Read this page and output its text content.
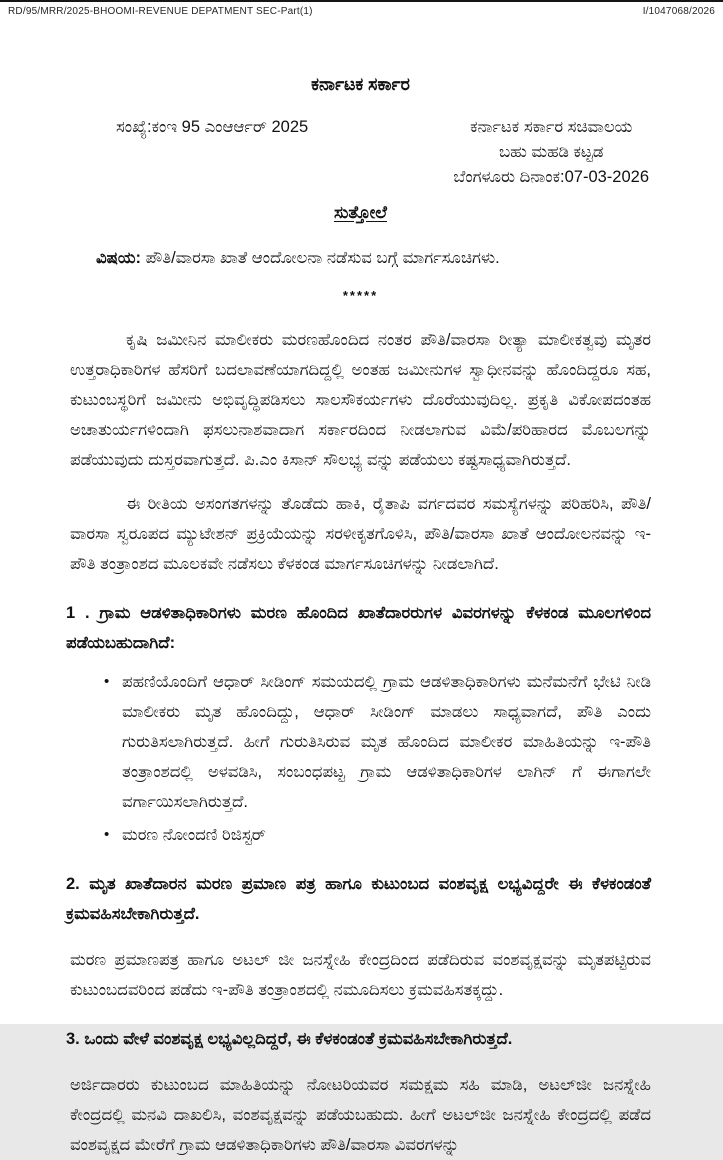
RD/95/MRR/2025-BHOOMI-REVENUE DEPATMENT SEC-Part(1)	I/1047068/2026
ಕರ್ನಾಟಕ ಸರ್ಕಾರ
ಸಂಖ್ಯೆ:ಕಂಇ 95 ಎಂಆರ್ಆರ್ 2025	ಕರ್ನಾಟಕ ಸರ್ಕಾರ ಸಚಿವಾಲಯ
ಬಹು ಮಹಡಿ ಕಟ್ಟಡ
ಬೆಂಗಳೂರು ದಿನಾಂಕ:07-03-2026
ಸುತ್ತೋಲೆ
ವಿಷಯ: ಪೌತಿ/ವಾರಸಾ ಖಾತೆ ಆಂದೋಲನಾ ನಡೆಸುವ ಬಗ್ಗೆ ಮಾರ್ಗಸೂಚಿಗಳು.
*****

ಕೃಷಿ ಜಮೀನಿನ ಮಾಲೀಕರು ಮರಣಹೊಂದಿದ ನಂತರ ಪೌತಿ/ವಾರಸಾ ರೀತ್ಯಾ ಮಾಲೀಕತ್ವವು ಮೃತರ ಉತ್ತರಾಧಿಕಾರಿಗಳ ಹೆಸರಿಗೆ ಬದಲಾವಣೆಯಾಗದಿದ್ದಲ್ಲಿ ಅಂತಹ ಜಮೀನುಗಳ ಸ್ವಾಧೀನವನ್ನು ಹೊಂದಿದ್ದರೂ ಸಹ, ಕುಟುಂಬಸ್ಥರಿಗೆ ಜಮೀನು ಅಭಿವೃದ್ಧಿಪಡಿಸಲು ಸಾಲಸೌಕರ್ಯಗಳು ದೊರೆಯುವುದಿಲ್ಲ. ಪ್ರಕೃತಿ ವಿಕೋಪದಂತಹ ಅಚಾತುರ್ಯಗಳಿಂದಾಗಿ ಫಸಲುನಾಶವಾದಾಗ ಸರ್ಕಾರದಿಂದ ನೀಡಲಾಗುವ ವಿಮೆ/ಪರಿಹಾರದ ಮೊಬಲಗನ್ನು ಪಡೆಯುವುದು ದುಸ್ತರವಾಗುತ್ತದೆ. ಪಿ.ಎಂ ಕಿಸಾನ್ ಸೌಲಭ್ಯ ವನ್ನು ಪಡೆಯಲು ಕಷ್ಟಸಾಧ್ಯವಾಗಿರುತ್ತದೆ.

ಈ ರೀತಿಯ ಅಸಂಗತಗಳನ್ನು ತೊಡೆದು ಹಾಕಿ, ರೈತಾಪಿ ವರ್ಗದವರ ಸಮಸ್ಯೆಗಳನ್ನು ಪರಿಹರಿಸಿ, ಪೌತಿ/ವಾರಸಾ ಸ್ವರೂಪದ ಮ್ಯುಟೇಶನ್ ಪ್ರಕ್ರಿಯೆಯನ್ನು ಸರಳೀಕೃತಗೊಳಿಸಿ, ಪೌತಿ/ವಾರಸಾ ಖಾತೆ ಆಂದೋಲನವನ್ನು ಇ-ಪೌತಿ ತಂತ್ರಾಂಶದ ಮೂಲಕವೇ ನಡೆಸಲು ಕೆಳಕಂಡ ಮಾರ್ಗಸೂಚಿಗಳನ್ನು ನೀಡಲಾಗಿದೆ.

1 . ಗ್ರಾಮ ಆಡಳಿತಾಧಿಕಾರಿಗಳು ಮರಣ ಹೊಂದಿದ ಖಾತೆದಾರರುಗಳ ವಿವರಗಳನ್ನು ಕೆಳಕಂಡ ಮೂಲಗಳಿಂದ ಪಡೆಯಬಹುದಾಗಿದೆ:

• ಪಹಣಿಯೊಂದಿಗೆ ಆಧಾರ್ ಸೀಡಿಂಗ್ ಸಮಯದಲ್ಲಿ ಗ್ರಾಮ ಆಡಳಿತಾಧಿಕಾರಿಗಳು ಮನೆಮನೆಗೆ ಭೇಟಿ ನೀಡಿ ಮಾಲೀಕರು ಮೃತ ಹೊಂದಿದ್ದು, ಆಧಾರ್ ಸೀಡಿಂಗ್ ಮಾಡಲು ಸಾಧ್ಯವಾಗದೆ, ಪೌತಿ ಎಂದು ಗುರುತಿಸಲಾಗಿರುತ್ತದೆ. ಹೀಗೆ ಗುರುತಿಸಿರುವ ಮೃತ ಹೊಂದಿದ ಮಾಲೀಕರ ಮಾಹಿತಿಯನ್ನು ಇ-ಪೌತಿ ತಂತ್ರಾಂಶದಲ್ಲಿ ಅಳವಡಿಸಿ, ಸಂಬಂಧಪಟ್ಟ ಗ್ರಾಮ ಆಡಳಿತಾಧಿಕಾರಿಗಳ ಲಾಗಿನ್ ಗೆ ಈಗಾಗಲೇ ವರ್ಗಾಯಿಸಲಾಗಿರುತ್ತದೆ.
• ಮರಣ ನೋಂದಣಿ ರಿಜಿಸ್ಟರ್

2. ಮೃತ ಖಾತೆದಾರನ ಮರಣ ಪ್ರಮಾಣ ಪತ್ರ ಹಾಗೂ ಕುಟುಂಬದ ವಂಶವೃಕ್ಷ ಲಭ್ಯವಿದ್ದರೇ ಈ ಕೆಳಕಂಡಂತೆ ಕ್ರಮವಹಿಸಬೇಕಾಗಿರುತ್ತದೆ.

ಮರಣ ಪ್ರಮಾಣಪತ್ರ ಹಾಗೂ ಅಟಲ್ ಜೀ ಜನಸ್ನೇಹಿ ಕೇಂದ್ರದಿಂದ ಪಡೆದಿರುವ ವಂಶವೃಕ್ಷವನ್ನು ಮೃತಪಟ್ಟಿರುವ ಕುಟುಂಬದವರಿಂದ ಪಡೆದು ಇ-ಪೌತಿ ತಂತ್ರಾಂಶದಲ್ಲಿ ನಮೂದಿಸಲು ಕ್ರಮವಹಿಸತಕ್ಕದ್ದು.

3. ಒಂದು ವೇಳೆ ವಂಶವೃಕ್ಷ ಲಭ್ಯವಿಲ್ಲದಿದ್ದರೆ, ಈ ಕೆಳಕಂಡಂತೆ ಕ್ರಮವಹಿಸಬೇಕಾಗಿರುತ್ತದೆ.

ಅರ್ಜಿದಾರರು ಕುಟುಂಬದ ಮಾಹಿತಿಯನ್ನು ನೋಟರಿಯವರ ಸಮಕ್ಷಮ ಸಹಿ ಮಾಡಿ, ಅಟಲ್‌ಜೀ ಜನಸ್ನೇಹಿ ಕೇಂದ್ರದಲ್ಲಿ ಮನವಿ ದಾಖಲಿಸಿ, ವಂಶವೃಕ್ಷವನ್ನು ಪಡೆಯಬಹುದು. ಹೀಗೆ ಅಟಲ್‌ಜೀ ಜನಸ್ನೇಹಿ ಕೇಂದ್ರದಲ್ಲಿ ಪಡೆದ ವಂಶವೃಕ್ಷದ ಮೇರೆಗೆ ಗ್ರಾಮ ಆಡಳಿತಾಧಿಕಾರಿಗಳು ಪೌತಿ/ವಾರಸಾ ವಿವರಗಳನ್ನು
